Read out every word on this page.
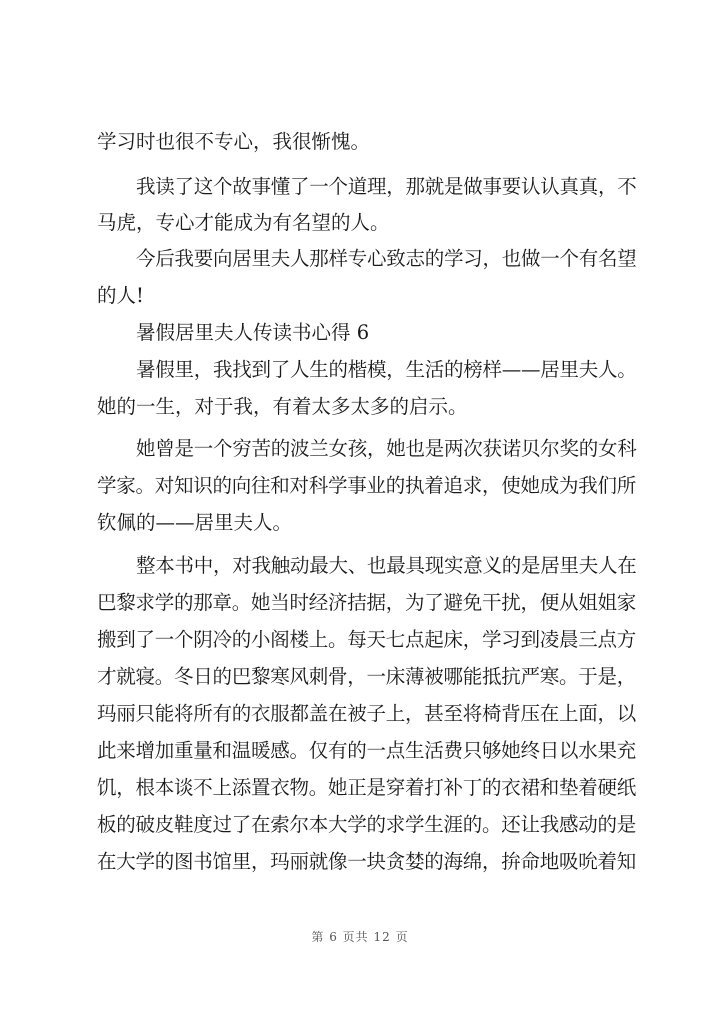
学习时也很不专心，我很惭愧。
我读了这个故事懂了一个道理，那就是做事要认认真真，不
马虎，专心才能成为有名望的人。
今后我要向居里夫人那样专心致志的学习，也做一个有名望
的人!
暑假居里夫人传读书心得 6
暑假里，我找到了人生的楷模，生活的榜样——居里夫人。
她的一生，对于我，有着太多太多的启示。
她曾是一个穷苦的波兰女孩，她也是两次获诺贝尔奖的女科
学家。对知识的向往和对科学事业的执着追求，使她成为我们所
钦佩的——居里夫人。
整本书中，对我触动最大、也最具现实意义的是居里夫人在
巴黎求学的那章。她当时经济拮据，为了避免干扰，便从姐姐家
搬到了一个阴冷的小阁楼上。每天七点起床，学习到凌晨三点方
才就寝。冬日的巴黎寒风刺骨，一床薄被哪能抵抗严寒。于是，
玛丽只能将所有的衣服都盖在被子上，甚至将椅背压在上面，以
此来增加重量和温暖感。仅有的一点生活费只够她终日以水果充
饥，根本谈不上添置衣物。她正是穿着打补丁的衣裙和垫着硬纸
板的破皮鞋度过了在索尔本大学的求学生涯的。还让我感动的是
在大学的图书馆里，玛丽就像一块贪婪的海绵，拚命地吸吮着知
第 6 页共 12 页
